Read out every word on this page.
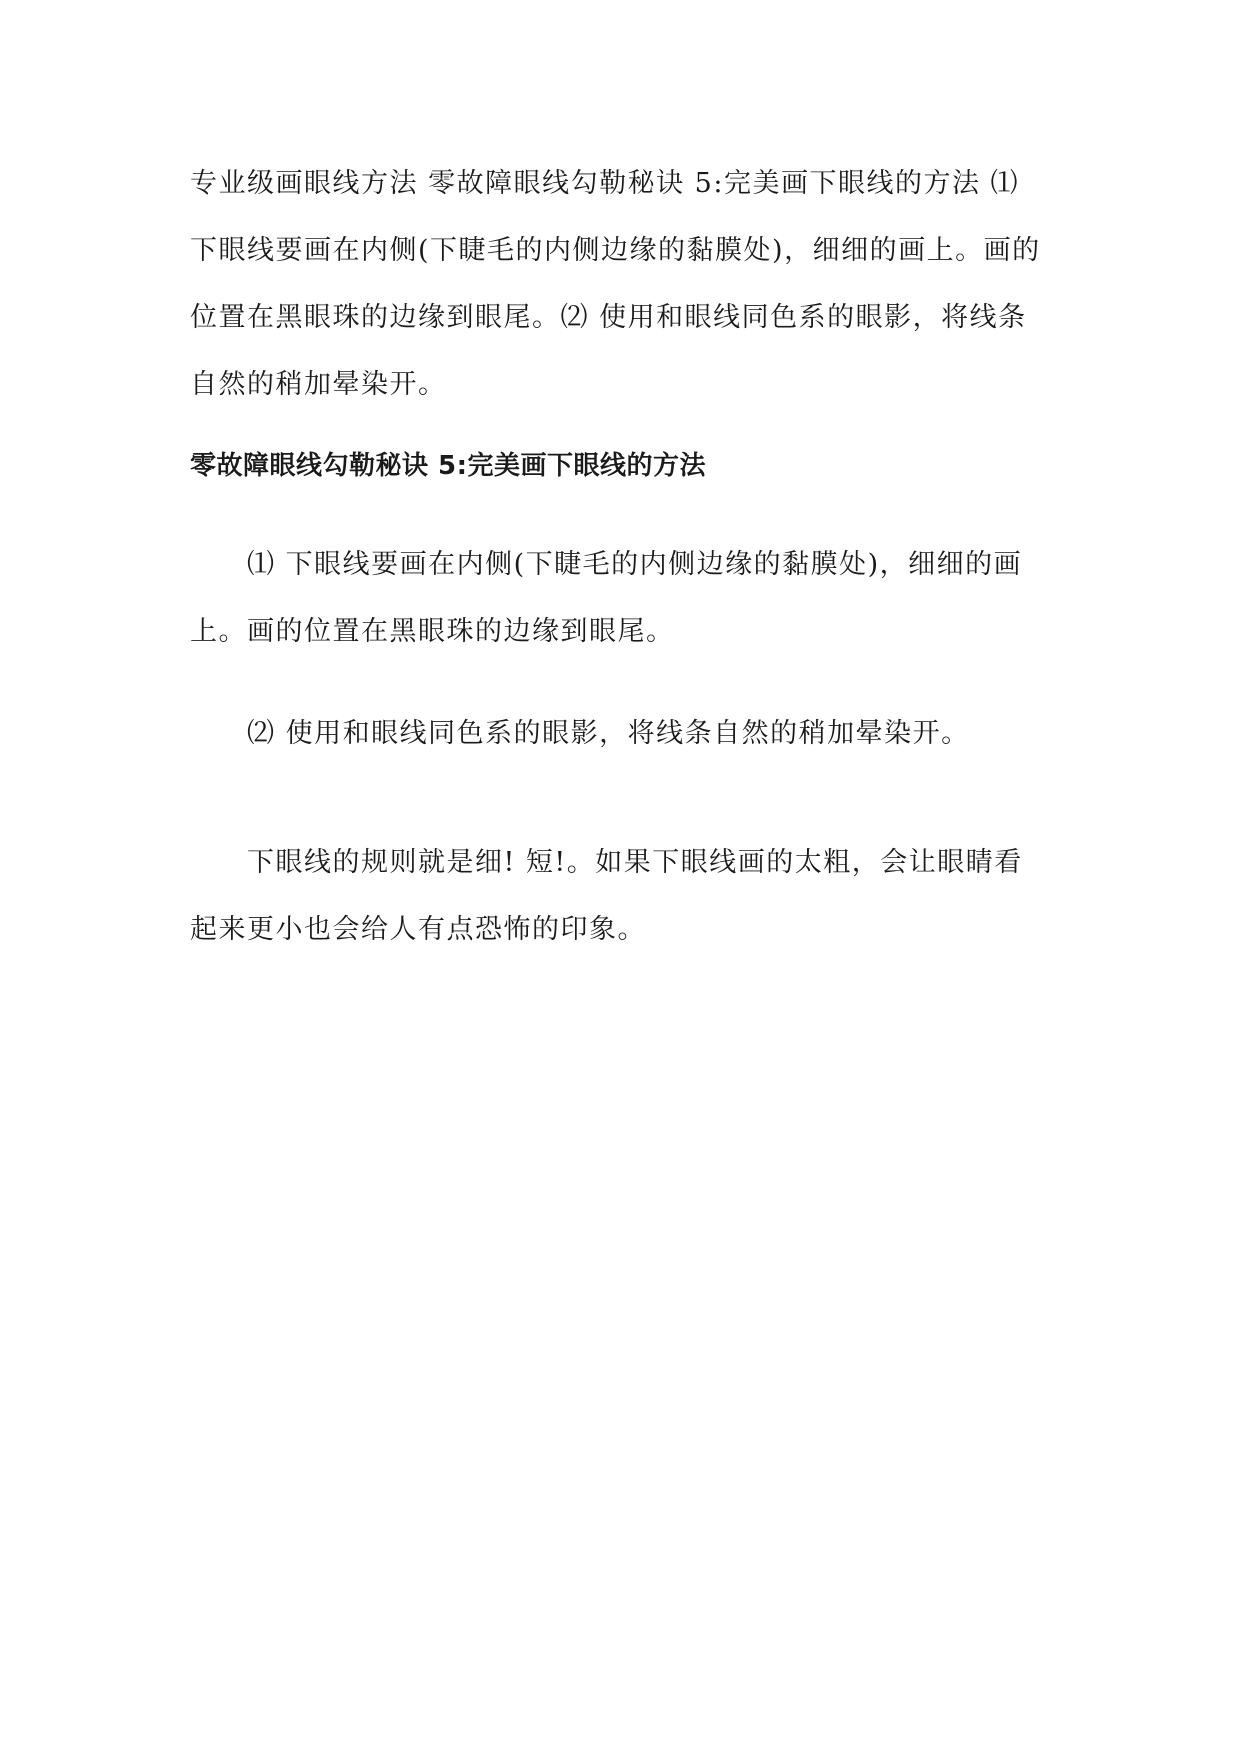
专业级画眼线方法 零故障眼线勾勒秘诀 5:完美画下眼线的方法 ⑴
下眼线要画在内侧(下睫毛的内侧边缘的黏膜处)，细细的画上。画的
位置在黑眼珠的边缘到眼尾。⑵ 使用和眼线同色系的眼影，将线条
自然的稍加晕染开。

零故障眼线勾勒秘诀 5:完美画下眼线的方法

　　⑴ 下眼线要画在内侧(下睫毛的内侧边缘的黏膜处)，细细的画
上。画的位置在黑眼珠的边缘到眼尾。

　　⑵ 使用和眼线同色系的眼影，将线条自然的稍加晕染开。

　　下眼线的规则就是细! 短!。如果下眼线画的太粗，会让眼睛看
起来更小也会给人有点恐怖的印象。
